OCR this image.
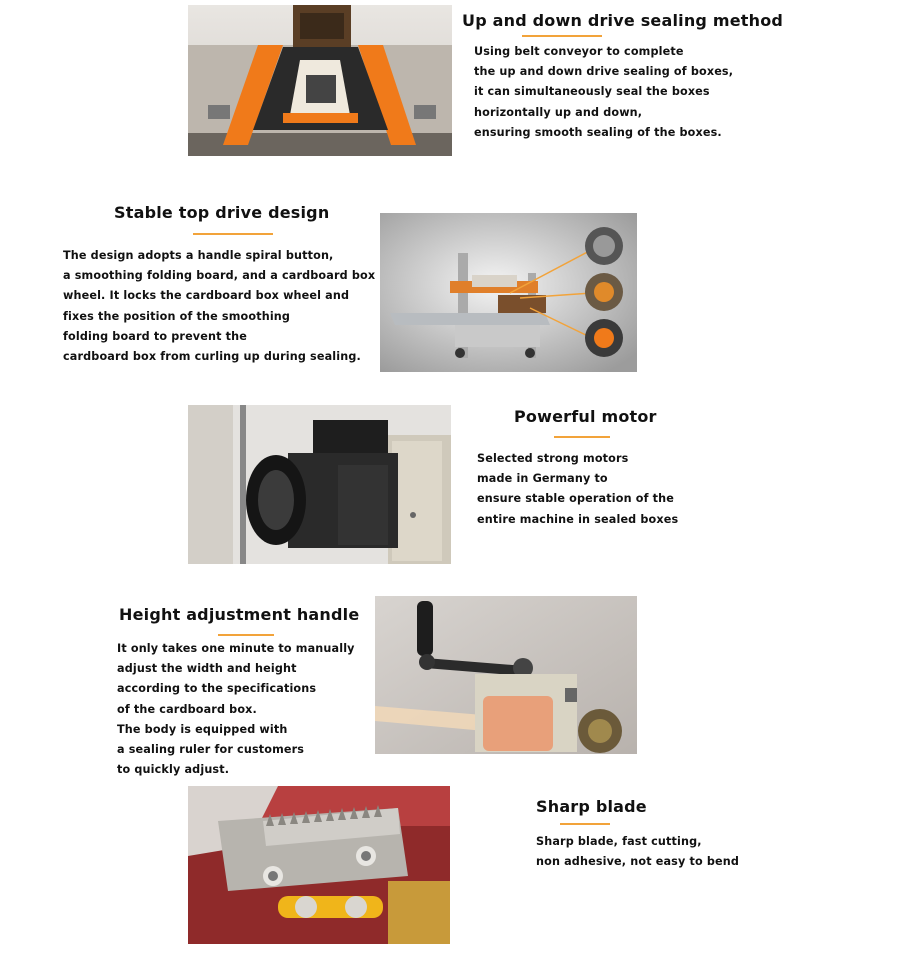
Up and down drive sealing method
Using belt conveyor to complete
the up and down drive sealing of boxes,
it can simultaneously seal the boxes
horizontally up and down,
ensuring smooth sealing of the boxes.
Stable top drive design
The design adopts a handle spiral button,
a smoothing folding board, and a cardboard box
wheel. It locks the cardboard box wheel and
fixes the position of the smoothing
folding board to prevent the
cardboard box from curling up during sealing.
Powerful motor
Selected strong motors
made in Germany to
ensure stable operation of the
entire machine in sealed boxes
Height adjustment handle
It only takes one minute to manually
adjust the width and height
according to the specifications
of the cardboard box.
The body is equipped with
a sealing ruler for customers
to quickly adjust.
Sharp blade
Sharp blade, fast cutting,
non adhesive, not easy to bend
